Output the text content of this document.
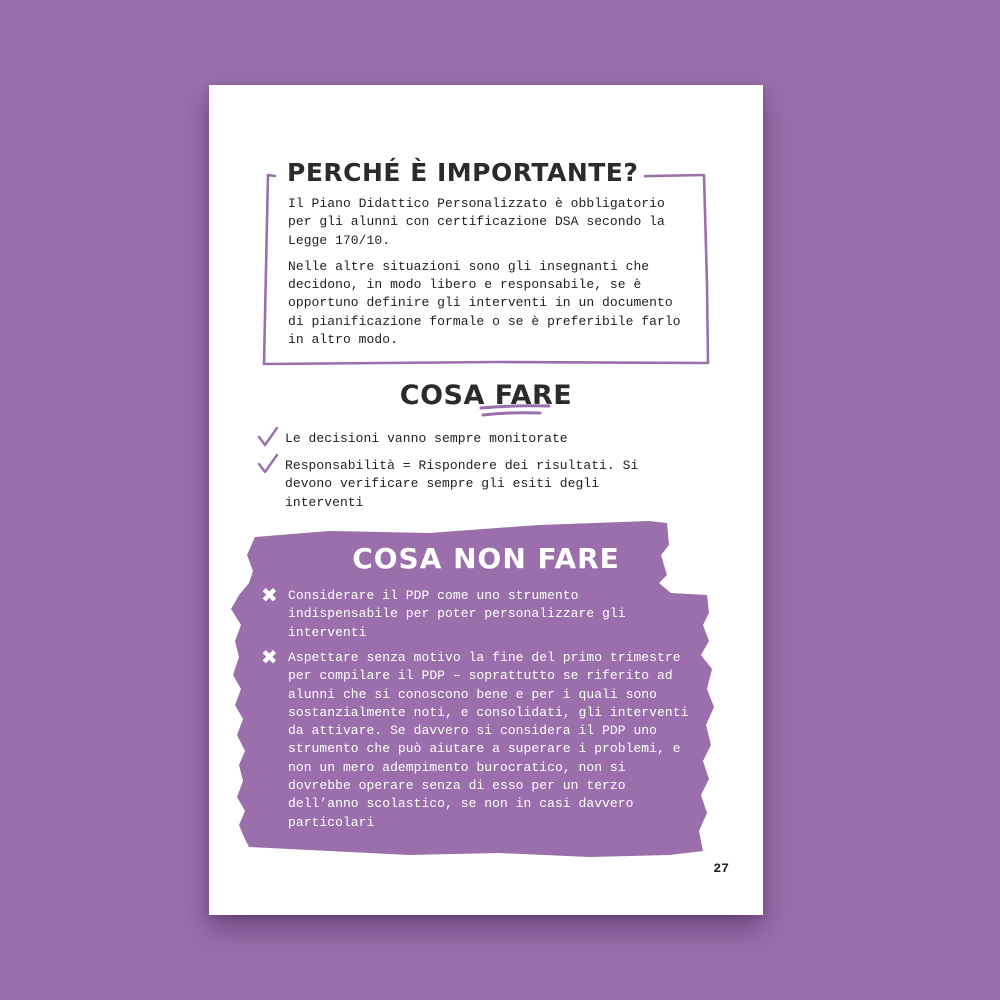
PERCHÉ È IMPORTANTE?

Il Piano Didattico Personalizzato è obbligatorio per gli alunni con certificazione DSA secondo la Legge 170/10.

Nelle altre situazioni sono gli insegnanti che decidono, in modo libero e responsabile, se è opportuno definire gli interventi in un documento di pianificazione formale o se è preferibile farlo in altro modo.

COSA FARE
Le decisioni vanno sempre monitorate
Responsabilità = Rispondere dei risultati. Si devono verificare sempre gli esiti degli interventi
COSA NON FARE
✖ Considerare il PDP come uno strumento indispensabile per poter personalizzare gli interventi
✖ Aspettare senza motivo la fine del primo trimestre per compilare il PDP – soprattutto se riferito ad alunni che si conoscono bene e per i quali sono sostanzialmente noti, e consolidati, gli interventi da attivare. Se davvero si considera il PDP uno strumento che può aiutare a superare i problemi, e non un mero adempimento burocratico, non si dovrebbe operare senza di esso per un terzo dell’anno scolastico, se non in casi davvero particolari
27
